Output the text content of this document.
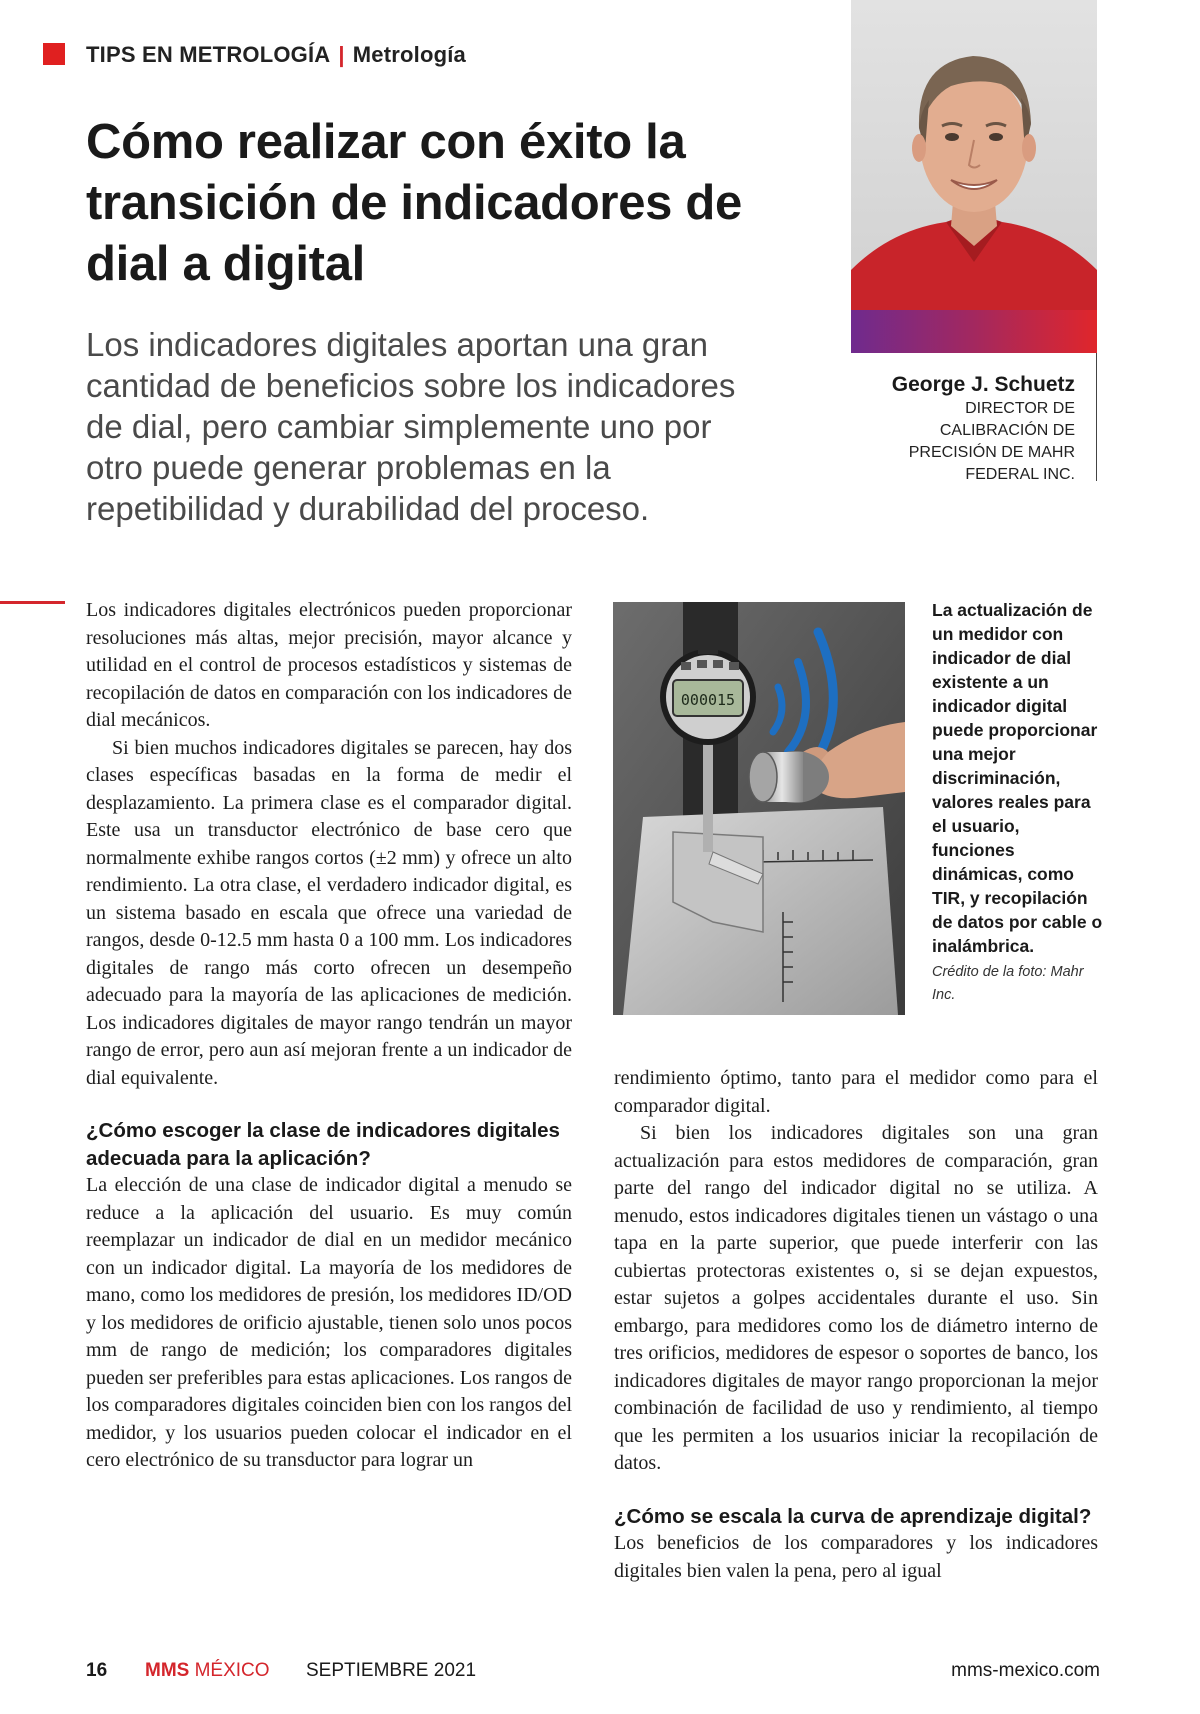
TIPS EN METROLOGÍA | Metrología
Cómo realizar con éxito la transición de indicadores de dial a digital
Los indicadores digitales aportan una gran cantidad de beneficios sobre los indicadores de dial, pero cambiar simplemente uno por otro puede generar problemas en la repetibilidad y durabilidad del proceso.
George J. Schuetz
DIRECTOR DE CALIBRACIÓN DE PRECISIÓN DE MAHR FEDERAL INC.

Los indicadores digitales electrónicos pueden proporcionar resoluciones más altas, mejor precisión, mayor alcance y utilidad en el control de procesos estadísticos y sistemas de recopilación de datos en comparación con los indicadores de dial mecánicos.

Si bien muchos indicadores digitales se parecen, hay dos clases específicas basadas en la forma de medir el desplazamiento. La primera clase es el comparador digital. Este usa un transductor electrónico de base cero que normalmente exhibe rangos cortos (±2 mm) y ofrece un alto rendimiento. La otra clase, el verdadero indicador digital, es un sistema basado en escala que ofrece una variedad de rangos, desde 0-12.5 mm hasta 0 a 100 mm. Los indicadores digitales de rango más corto ofrecen un desempeño adecuado para la mayoría de las aplicaciones de medición. Los indicadores digitales de mayor rango tendrán un mayor rango de error, pero aun así mejoran frente a un indicador de dial equivalente.

¿Cómo escoger la clase de indicadores digitales adecuada para la aplicación?

La elección de una clase de indicador digital a menudo se reduce a la aplicación del usuario. Es muy común reemplazar un indicador de dial en un medidor mecánico con un indicador digital. La mayoría de los medidores de mano, como los medidores de presión, los medidores ID/OD y los medidores de orificio ajustable, tienen solo unos pocos mm de rango de medición; los comparadores digitales pueden ser preferibles para estas aplicaciones. Los rangos de los comparadores digitales coinciden bien con los rangos del medidor, y los usuarios pueden colocar el indicador en el cero electrónico de su transductor para lograr un

000015
La actualización de un medidor con indicador de dial existente a un indicador digital puede proporcionar una mejor discriminación, valores reales para el usuario, funciones dinámicas, como TIR, y recopilación de datos por cable o inalámbrica.
Crédito de la foto: Mahr Inc.

rendimiento óptimo, tanto para el medidor como para el comparador digital.

Si bien los indicadores digitales son una gran actualización para estos medidores de comparación, gran parte del rango del indicador digital no se utiliza. A menudo, estos indicadores digitales tienen un vástago o una tapa en la parte superior, que puede interferir con las cubiertas protectoras existentes o, si se dejan expuestos, estar sujetos a golpes accidentales durante el uso. Sin embargo, para medidores como los de diámetro interno de tres orificios, medidores de espesor o soportes de banco, los indicadores digitales de mayor rango proporcionan la mejor combinación de facilidad de uso y rendimiento, al tiempo que les permiten a los usuarios iniciar la recopilación de datos.

¿Cómo se escala la curva de aprendizaje digital?

Los beneficios de los comparadores y los indicadores digitales bien valen la pena, pero al igual

16 MMS MÉXICO SEPTIEMBRE 2021	mms-mexico.com
